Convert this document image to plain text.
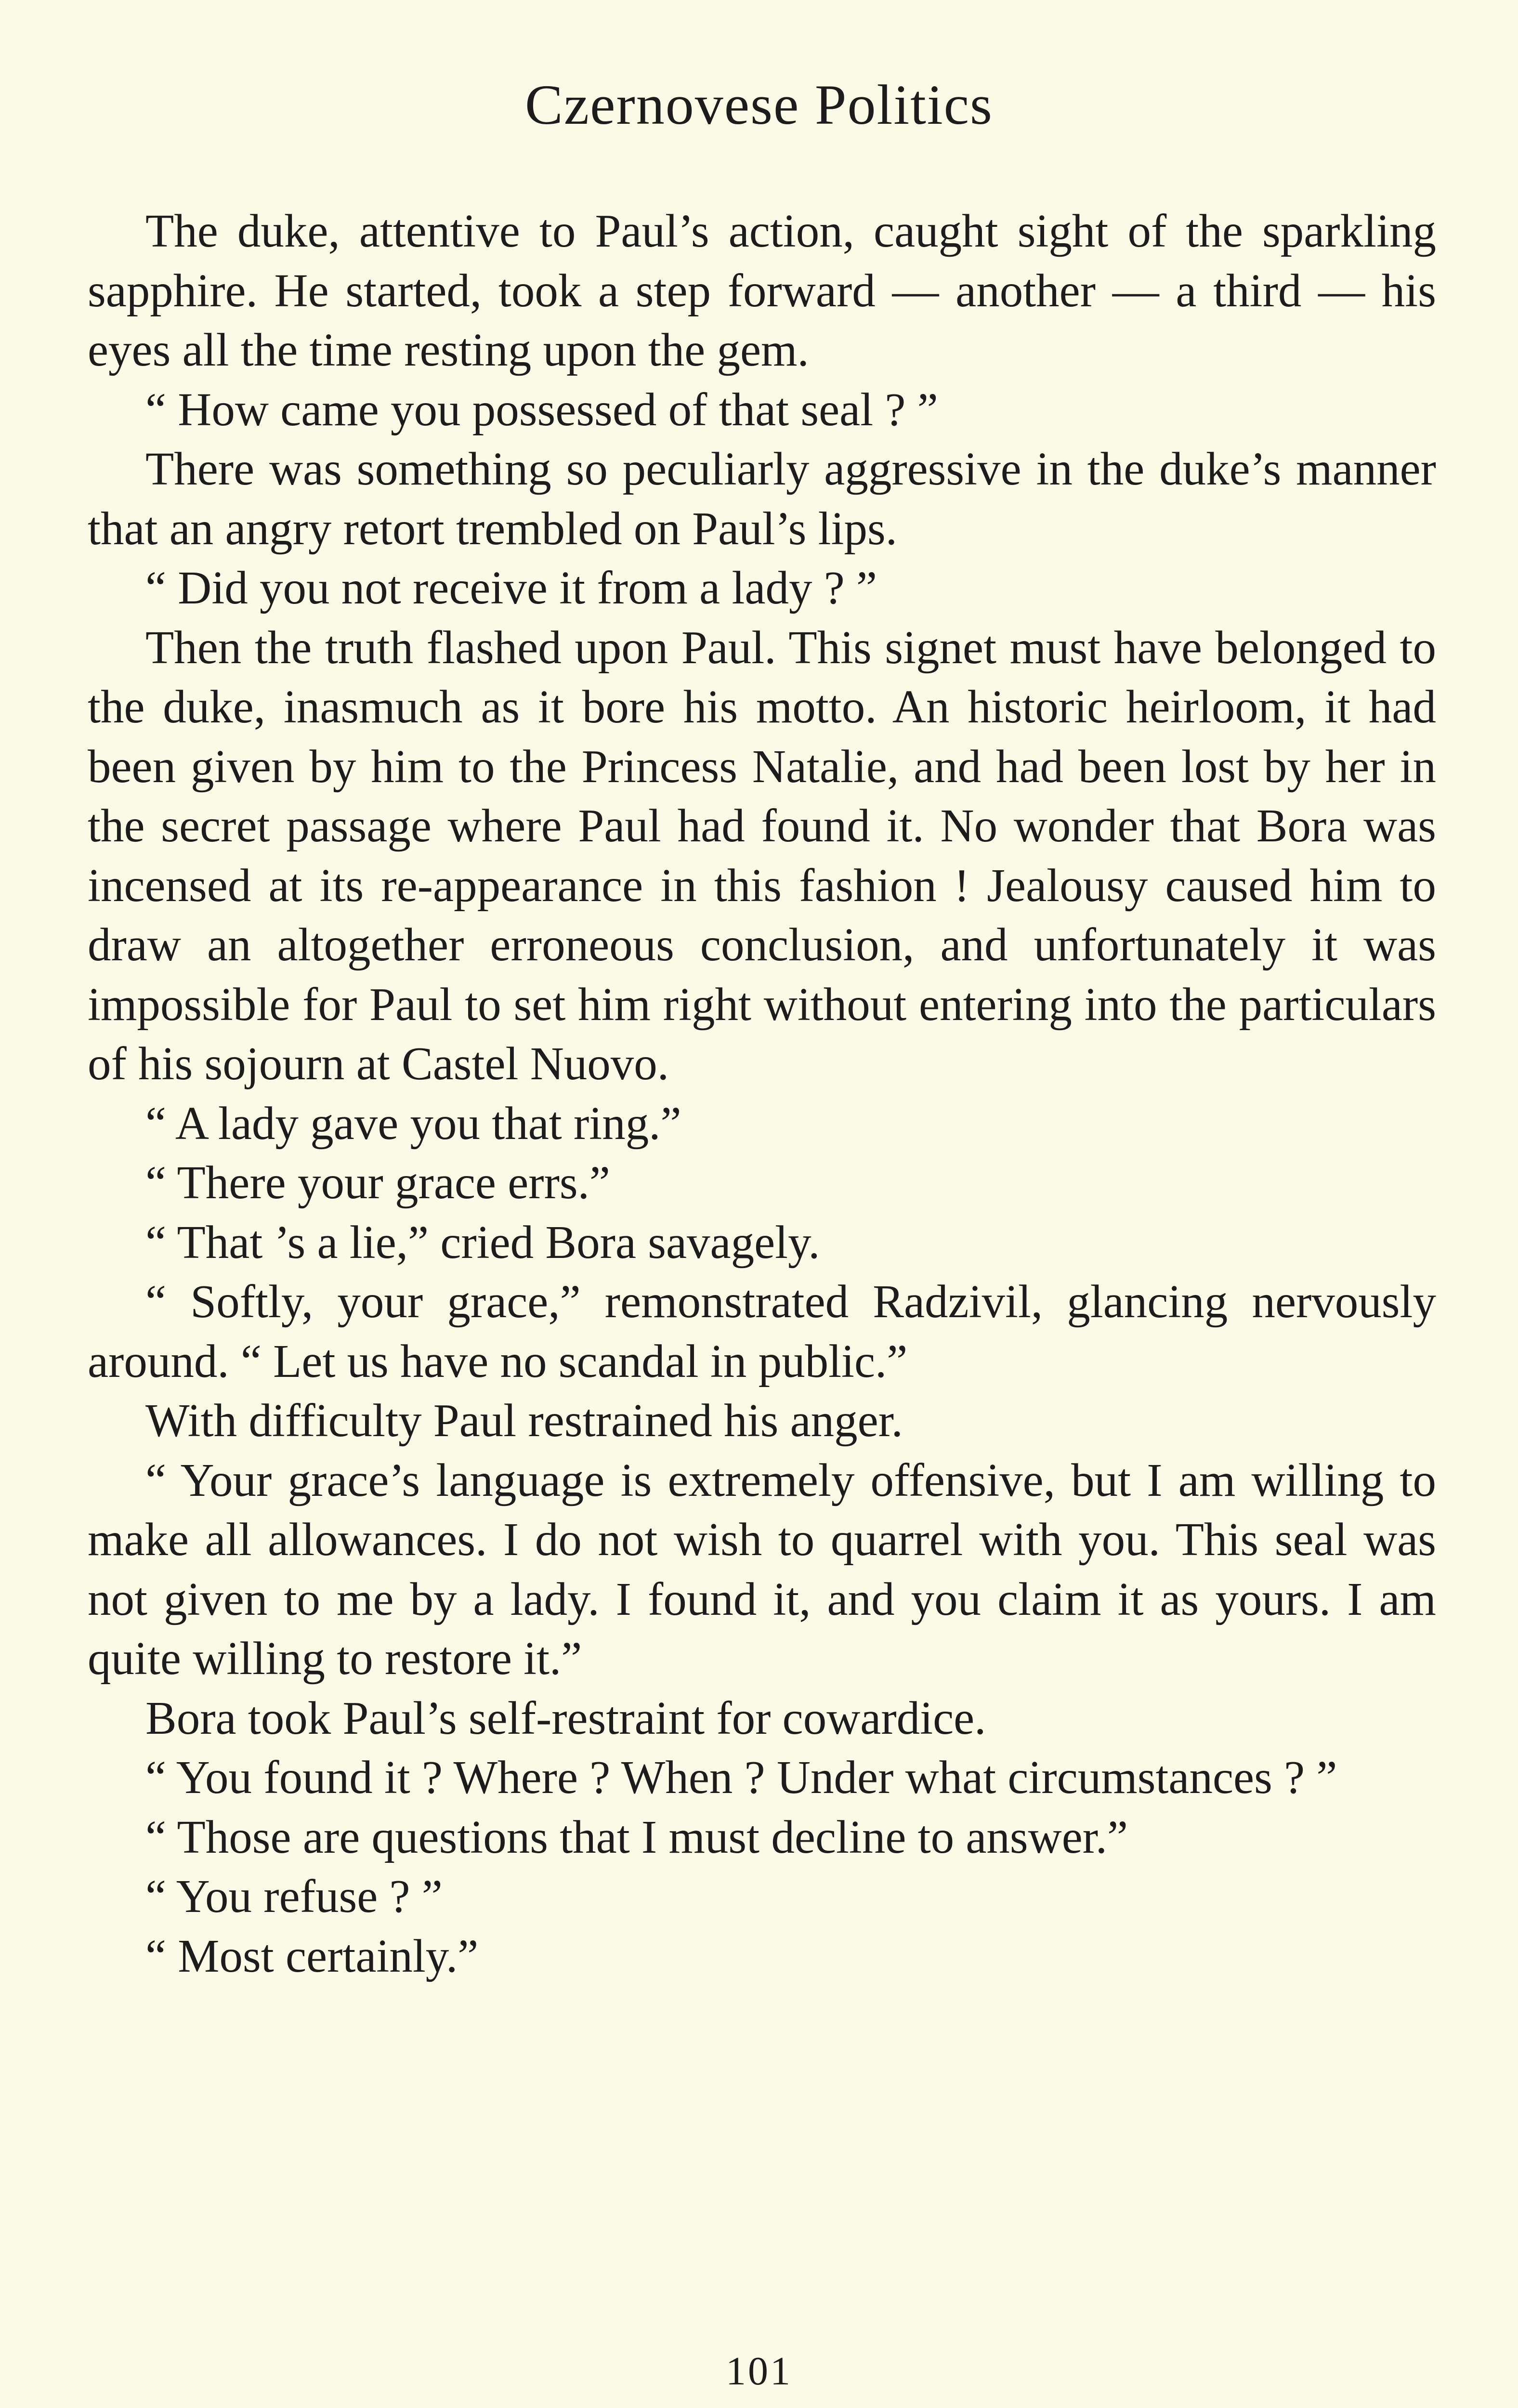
Czernovese Politics

The duke, attentive to Paul’s action, caught sight of the sparkling sapphire. He started, took a step forward — another — a third — his eyes all the time resting upon the gem.

“ How came you possessed of that seal ? ”

There was something so peculiarly aggressive in the duke’s manner that an angry retort trembled on Paul’s lips.

“ Did you not receive it from a lady ? ”

Then the truth flashed upon Paul. This signet must have belonged to the duke, inasmuch as it bore his motto. An historic heirloom, it had been given by him to the Princess Natalie, and had been lost by her in the secret passage where Paul had found it. No wonder that Bora was incensed at its re-appearance in this fashion ! Jealousy caused him to draw an altogether erroneous conclusion, and unfortunately it was impossible for Paul to set him right without entering into the particulars of his sojourn at Castel Nuovo.

“ A lady gave you that ring.”

“ There your grace errs.”

“ That ’s a lie,” cried Bora savagely.

“ Softly, your grace,” remonstrated Radzivil, glancing nervously around. “ Let us have no scandal in public.”

With difficulty Paul restrained his anger.

“ Your grace’s language is extremely offensive, but I am willing to make all allowances. I do not wish to quarrel with you. This seal was not given to me by a lady. I found it, and you claim it as yours. I am quite willing to restore it.”

Bora took Paul’s self-restraint for cowardice.

“ You found it ? Where ? When ? Under what circumstances ? ”

“ Those are questions that I must decline to answer.”

“ You refuse ? ”

“ Most certainly.”

101
